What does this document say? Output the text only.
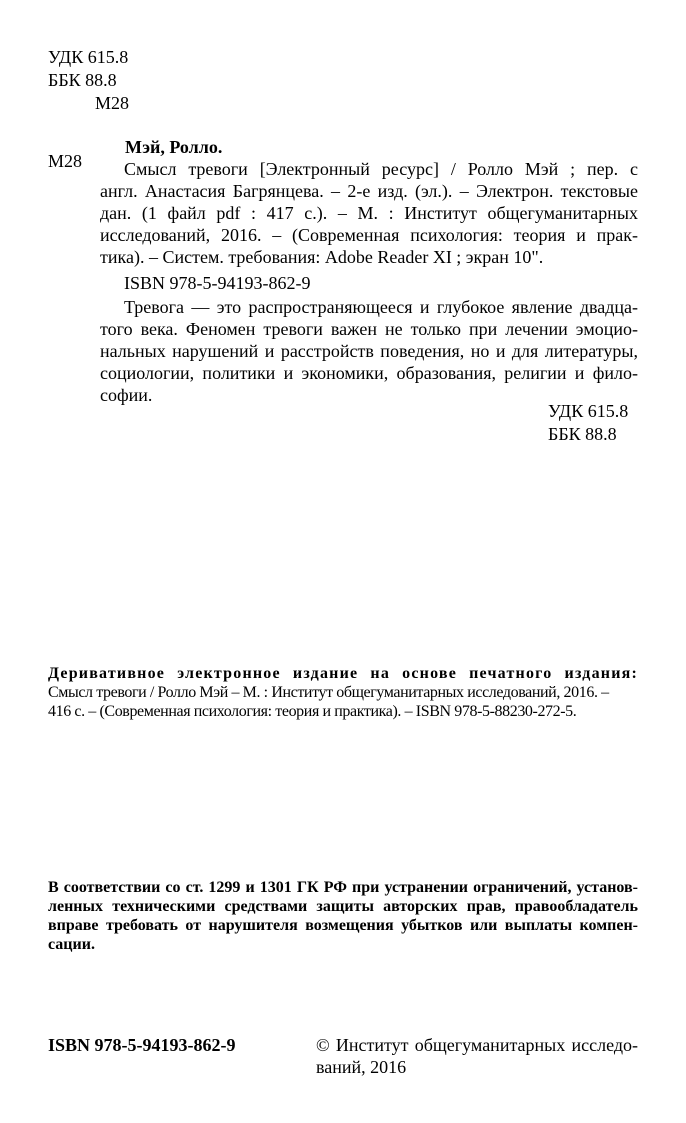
УДК 615.8
ББК 88.8
М28
М28
Мэй, Ролло.
Смысл тревоги [Электронный ресурс] / Ролло Мэй ; пер. с
англ. Анастасия Багрянцева. – 2-е изд. (эл.). – Электрон. текстовые
дан. (1 файл pdf : 417 с.). – М. : Институт общегуманитарных
исследований, 2016. – (Современная психология: теория и прак-
тика). – Систем. требования: Adobe Reader XI ; экран 10".
ISBN 978-5-94193-862-9
Тревога — это распространяющееся и глубокое явление двадца-
того века. Феномен тревоги важен не только при лечении эмоцио-
нальных нарушений и расстройств поведения, но и для литературы,
социологии, политики и экономики, образования, религии и фило-
софии.
УДК 615.8
ББК 88.8
Деривативное электронное издание на основе печатного издания:
Смысл тревоги / Ролло Мэй – М. : Институт общегуманитарных исследований, 2016. –
416 с. – (Современная психология: теория и практика). – ISBN 978-5-88230-272-5.
В соответствии со ст. 1299 и 1301 ГК РФ при устранении ограничений, установ-
ленных техническими средствами защиты авторских прав, правообладатель
вправе требовать от нарушителя возмещения убытков или выплаты компен-
сации.
ISBN 978-5-94193-862-9	© Институт общегуманитарных исследо-
ваний, 2016
